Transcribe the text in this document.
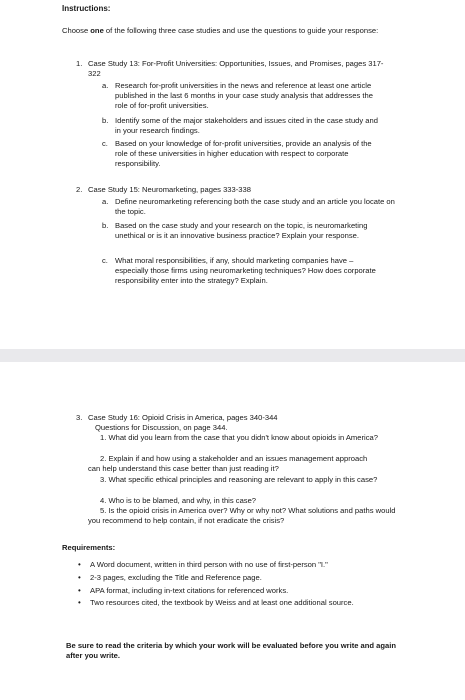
Instructions:

Choose one of the following three case studies and use the questions to guide your response:

1. Case Study 13: For-Profit Universities: Opportunities, Issues, and Promises, pages 317-322

a. Research for-profit universities in the news and reference at least one article published in the last 6 months in your case study analysis that addresses the role of for-profit universities.

b. Identify some of the major stakeholders and issues cited in the case study and in your research findings.

c. Based on your knowledge of for-profit universities, provide an analysis of the role of these universities in higher education with respect to corporate responsibility.

2. Case Study 15: Neuromarketing, pages 333-338

a. Define neuromarketing referencing both the case study and an article you locate on the topic.

b. Based on the case study and your research on the topic, is neuromarketing unethical or is it an innovative business practice? Explain your response.

c. What moral responsibilities, if any, should marketing companies have – especially those firms using neuromarketing techniques? How does corporate responsibility enter into the strategy? Explain.

3. Case Study 16: Opioid Crisis in America, pages 340-344

Questions for Discussion, on page 344.

1. What did you learn from the case that you didn't know about opioids in America?

2. Explain if and how using a stakeholder and an issues management approach can help understand this case better than just reading it?

3. What specific ethical principles and reasoning are relevant to apply in this case?

4. Who is to be blamed, and why, in this case?

5. Is the opioid crisis in America over? Why or why not? What solutions and paths would you recommend to help contain, if not eradicate the crisis?

Requirements:

• A Word document, written in third person with no use of first-person "I."

• 2-3 pages, excluding the Title and Reference page.

• APA format, including in-text citations for referenced works.

• Two resources cited, the textbook by Weiss and at least one additional source.

Be sure to read the criteria by which your work will be evaluated before you write and again after you write.
